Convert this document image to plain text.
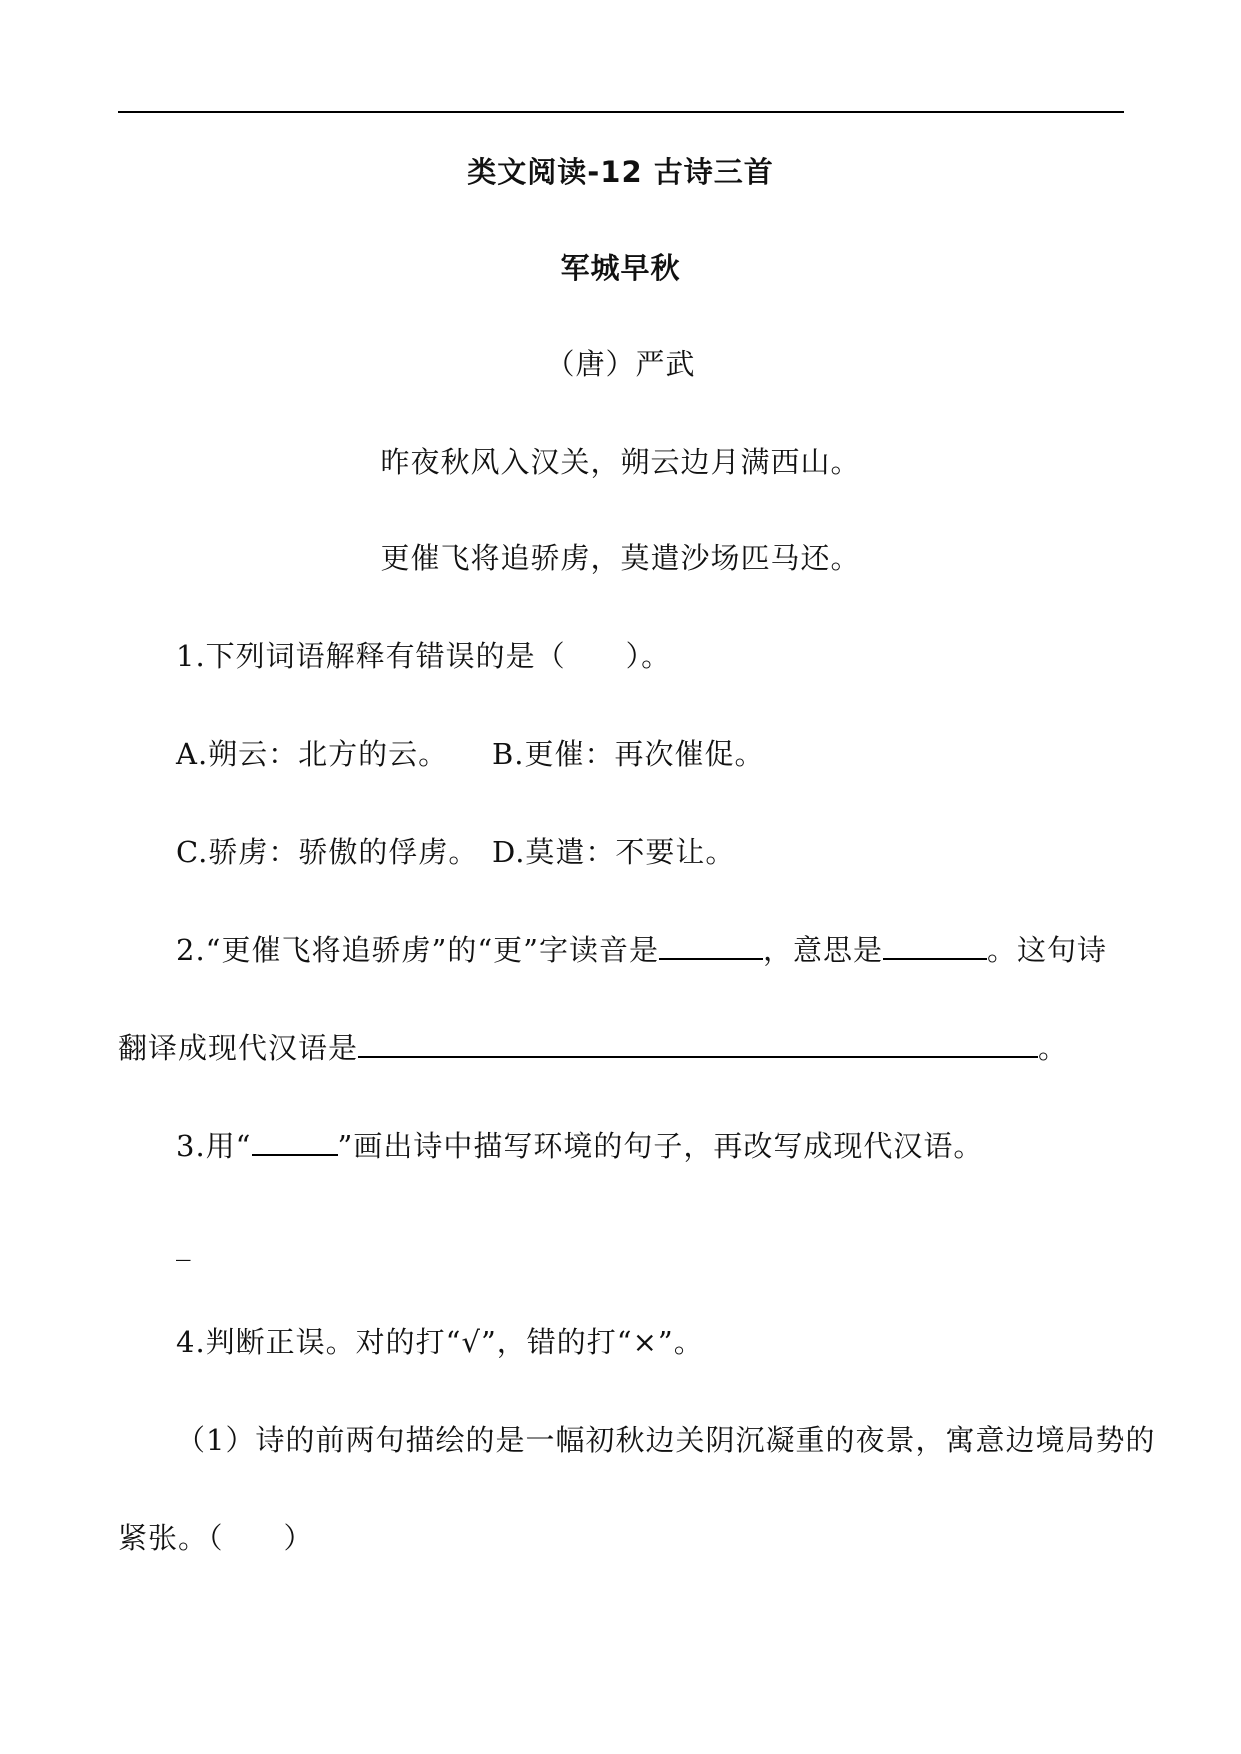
类文阅读-12 古诗三首
军城早秋
（唐）严武
昨夜秋风入汉关，朔云边月满西山。
更催飞将追骄虏，莫遣沙场匹马还。
1.下列词语解释有错误的是（　　）。
A.朔云：北方的云。 B.更催：再次催促。
C.骄虏：骄傲的俘虏。 D.莫遣：不要让。
2.“更催飞将追骄虏”的“更”字读音是	，意思是	。这句诗
翻译成现代汉语是	。
3.用“	”画出诗中描写环境的句子，再改写成现代汉语。
_
4.判断正误。对的打“√”，错的打“×”。
（1）诗的前两句描绘的是一幅初秋边关阴沉凝重的夜景，寓意边境局势的
紧张。（　　）
